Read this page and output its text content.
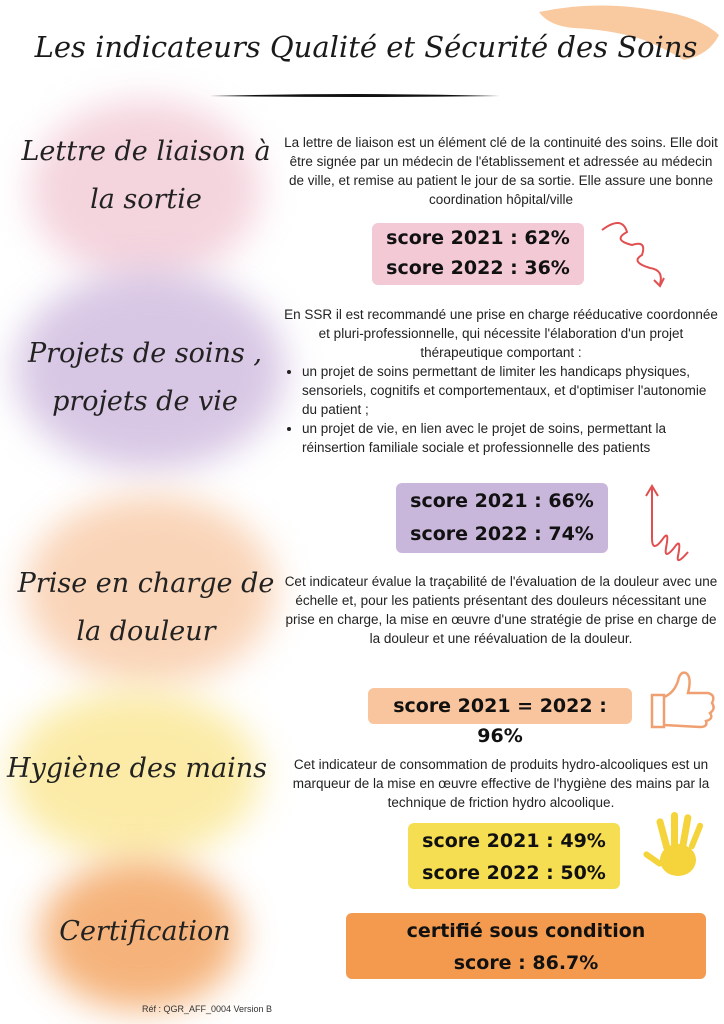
Les indicateurs Qualité et Sécurité des Soins
Lettre de liaison à
la sortie
La lettre de liaison est un élément clé de la continuité des soins. Elle doit être signée par un médecin de l'établissement et adressée au médecin de ville, et remise au patient le jour de sa sortie. Elle assure une bonne coordination hôpital/ville
score 2021 : 62%
score 2022 : 36%
Projets de soins ,
projets de vie
En SSR il est recommandé une prise en charge rééducative coordonnée et pluri-professionnelle, qui nécessite l'élaboration d'un projet thérapeutique comportant :
• un projet de soins permettant de limiter les handicaps physiques, sensoriels, cognitifs et comportementaux, et d'optimiser l'autonomie du patient ;
• un projet de vie, en lien avec le projet de soins, permettant la réinsertion familiale sociale et professionnelle des patients
score 2021 : 66%
score 2022 : 74%
Prise en charge de
la douleur
Cet indicateur évalue la traçabilité de l'évaluation de la douleur avec une échelle et, pour les patients présentant des douleurs nécessitant une prise en charge, la mise en œuvre d'une stratégie de prise en charge de la douleur et une réévaluation de la douleur.
score 2021 = 2022 : 96%
Hygiène des mains	Cet indicateur de consommation de produits hydro-alcooliques est un marqueur de la mise en œuvre effective de l'hygiène des mains par la technique de friction hydro alcoolique.
score 2021 : 49%
score 2022 : 50%
Certification	certifié sous condition
score : 86.7%
Réf : QGR_AFF_0004 Version B
